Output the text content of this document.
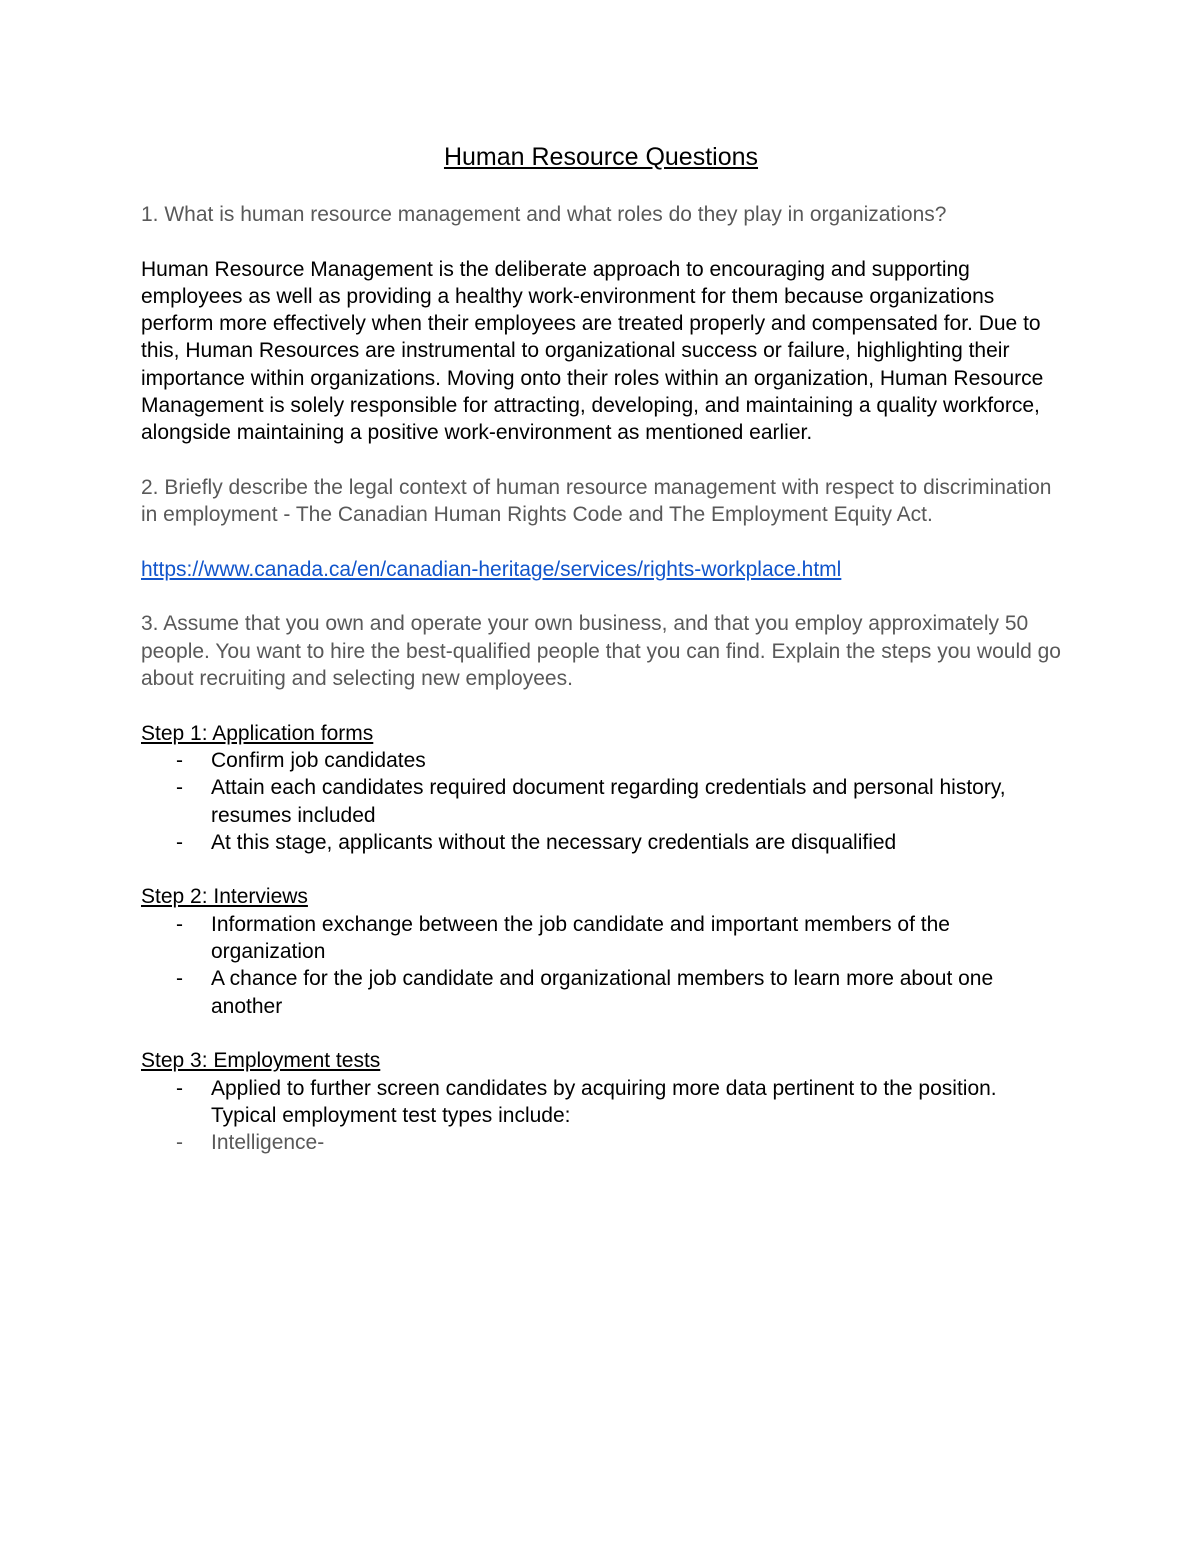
Human Resource Questions

1. What is human resource management and what roles do they play in organizations?

Human Resource Management is the deliberate approach to encouraging and supporting employees as well as providing a healthy work-environment for them because organizations perform more effectively when their employees are treated properly and compensated for. Due to this, Human Resources are instrumental to organizational success or failure, highlighting their importance within organizations. Moving onto their roles within an organization, Human Resource Management is solely responsible for attracting, developing, and maintaining a quality workforce, alongside maintaining a positive work-environment as mentioned earlier.

2. Briefly describe the legal context of human resource management with respect to discrimination in employment - The Canadian Human Rights Code and The Employment Equity Act.

https://www.canada.ca/en/canadian-heritage/services/rights-workplace.html

3. Assume that you own and operate your own business, and that you employ approximately 50 people. You want to hire the best-qualified people that you can find. Explain the steps you would go about recruiting and selecting new employees.

Step 1: Application forms
- Confirm job candidates
- Attain each candidates required document regarding credentials and personal history, resumes included
- At this stage, applicants without the necessary credentials are disqualified
Step 2: Interviews
- Information exchange between the job candidate and important members of the organization
- A chance for the job candidate and organizational members to learn more about one another
Step 3: Employment tests
- Applied to further screen candidates by acquiring more data pertinent to the position. Typical employment test types include:
- Intelligence-
